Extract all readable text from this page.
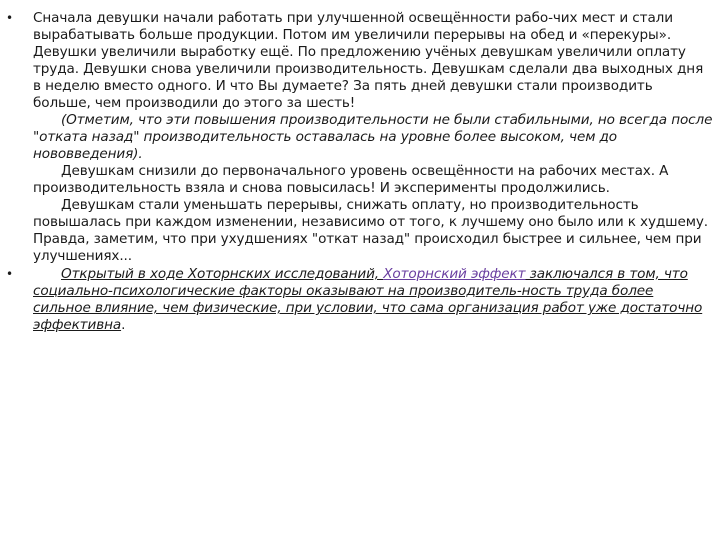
• Сначала девушки начали работать при улучшенной освещённости рабо-чих мест и стали вырабатывать больше продукции. Потом им увеличили перерывы на обед и «перекуры». Девушки увеличили выработку ещё. По предложению учёных девушкам увеличили оплату труда. Девушки снова увеличили производительность. Девушкам сделали два выходных дня в неделю вместо одного. И что Вы думаете? За пять дней девушки стали производить больше, чем производили до этого за шесть!
(Отметим, что эти повышения производительности не были стабильными, но всегда после "отката назад" производительность оставалась на уровне более высоком, чем до нововведения).
Девушкам снизили до первоначального уровень освещённости на рабочих местах. А производительность взяла и снова повысилась! И эксперименты продолжились.
Девушкам стали уменьшать перерывы, снижать оплату, но производительность повышалась при каждом изменении, независимо от того, к лучшему оно было или к худшему. Правда, заметим, что при ухудшениях "откат назад" происходил быстрее и сильнее, чем при улучшениях...
•	Открытый в ходе Хоторнских исследований, Хоторнский эффект заключался в том, что социально-психологические факторы оказывают на производитель-ность труда более сильное влияние, чем физические, при условии, что сама организация работ уже достаточно эффективна.
